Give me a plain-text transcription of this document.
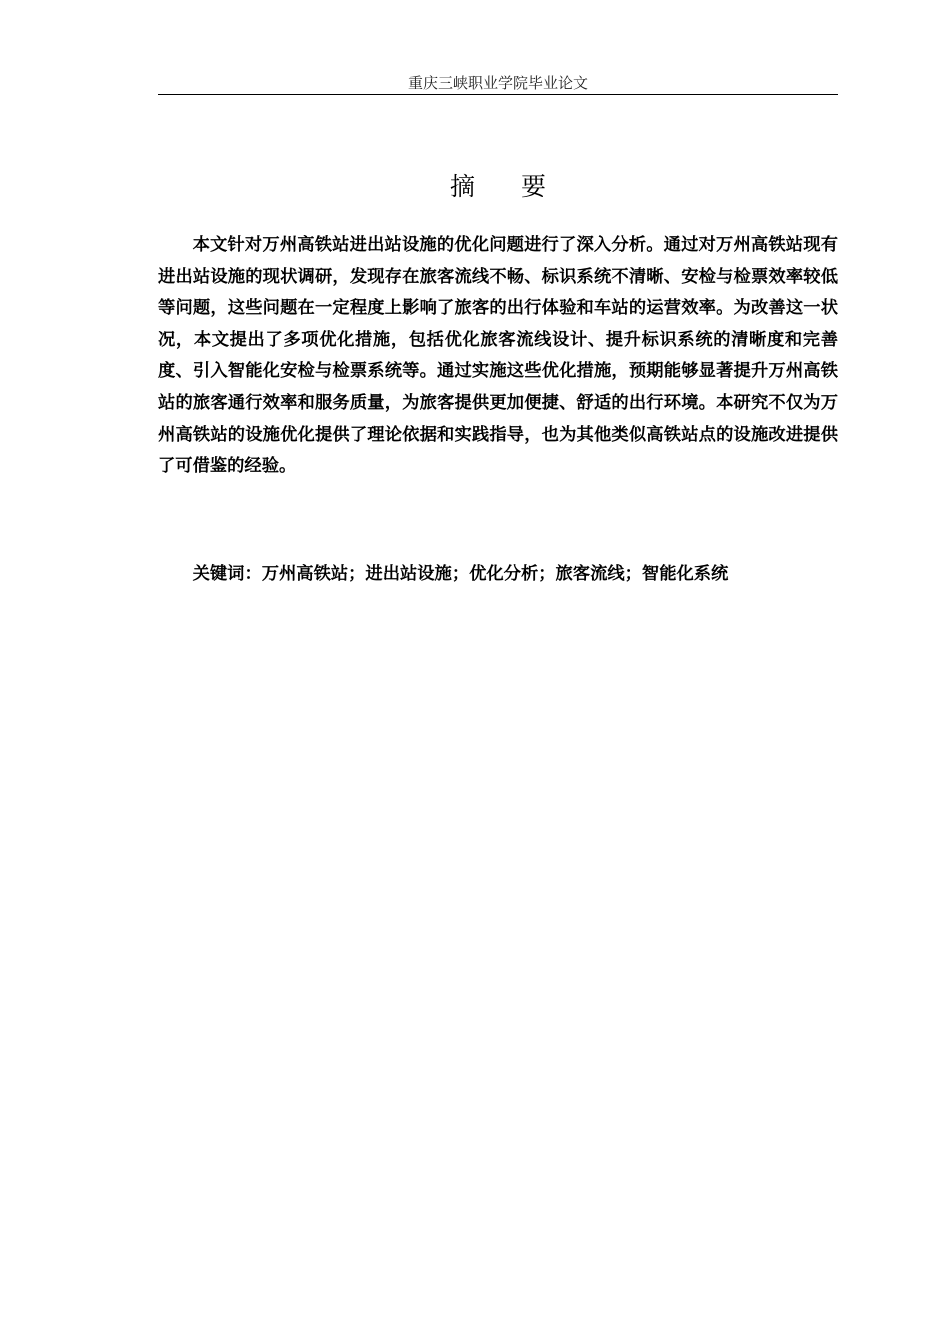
重庆三峡职业学院毕业论文
摘 要

本文针对万州高铁站进出站设施的优化问题进行了深入分析。通过对万州高铁站现有进出站设施的现状调研，发现存在旅客流线不畅、标识系统不清晰、安检与检票效率较低等问题，这些问题在一定程度上影响了旅客的出行体验和车站的运营效率。为改善这一状况，本文提出了多项优化措施，包括优化旅客流线设计、提升标识系统的清晰度和完善度、引入智能化安检与检票系统等。通过实施这些优化措施，预期能够显著提升万州高铁站的旅客通行效率和服务质量，为旅客提供更加便捷、舒适的出行环境。本研究不仅为万州高铁站的设施优化提供了理论依据和实践指导，也为其他类似高铁站点的设施改进提供了可借鉴的经验。

关键词：万州高铁站；进出站设施；优化分析；旅客流线；智能化系统
